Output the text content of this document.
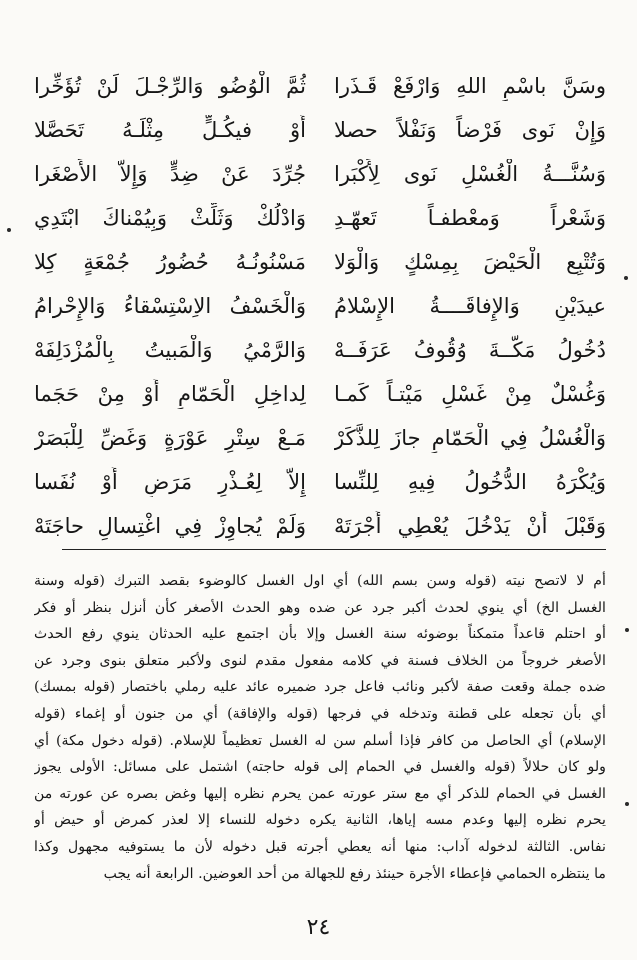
وسَنَّ باسْمِ اللهِ وَارْفَعْ قَـذَرا
ثُمَّ الْوُضُو وَالرِّجْـلَ لَنْ تُؤَخِّرا
وَإِنْ نَوى فَرْضاً وَنَفْلاً حصلا
أَوْ فيكُـلٍّ مِثْلَـهُ تَحَصَّلا
وَسُنَّـــةُ الْغُسْلِ نَوى لِأَكْبَرا
جُرِّدَ عَنْ ضِدٍّ وَإِلاّ الأَصْغَرا
وَشَعْراً وَمعْطفـاً تَعهّـدِ
وَادْلُكْ وَثَلِّثْ وَبِيُمْناكَ ابْتَدِي
وَتُتْبِع الْحَيْضَ بِمِسْكٍ وَالْوَلا
مَسْنُونُـهُ حُضُورُ جُمْعَةٍ كِلا
عيدَيْنِ وَالإِفاقَــــةُ الإِسْلامُ
وَالْخَسْفُ الاِسْتِسْقاءُ وَالإِحْرامُ
دُخُولُ مَكَّــةَ وُقُوفُ عَرَفَــهْ
وَالرَّمْيُ وَالْمَبيتُ بِالْمُزْدَلِفَهْ
وَغُسْلٌ مِنْ غَسْلِ مَيْتـاً كَمـا
لِداخِلِ الْحَمّامِ أَوْ مِنْ حَجَما
وَالْغُسْلُ فِي الْحَمّامِ جازَ لِلذَّكَرْ
مَـعْ سِتْرِ عَوْرَةٍ وَغَضِّ لِلْبَصَرْ
وَيُكْرَهُ الدُّخُولُ فِيهِ لِلنِّسا
إِلاّ لِعُـذْرِ مَرَضٍ أَوْ نُفَسا
وَقَبْلَ أَنْ يَدْخُلَ يُعْطِي أُجْرَتَهْ
وَلَمْ يُجاوِزْ فِي اغْتِسالِ حاجَتَهْ
أم لا لاتصح نيته (قوله وسن بسم الله) أي اول الغسل كالوضوء بقصد التبرك (قوله وسنة
الغسل الخ) أي ينوي لحدث أكبر جرد عن ضده وهو الحدث الأصغر كأن أنزل بنظر أو فكر
أو احتلم قاعداً متمكناً بوضوئه سنة الغسل وإلا بأن اجتمع عليه الحدثان ينوي رفع الحدث
الأصغر خروجاً من الخلاف فسنة في كلامه مفعول مقدم لنوى ولأكبر متعلق بنوى وجرد عن
ضده جملة وقعت صفة لأكبر ونائب فاعل جرد ضميره عائد عليه رملي باختصار (قوله بمسك)
أي بأن تجعله على قطنة وتدخله في فرجها (قوله والإفاقة) أي من جنون أو إغماء (قوله
الإسلام) أي الحاصل من كافر فإذا أسلم سن له الغسل تعظيماً للإسلام. (قوله دخول مكة) أي
ولو كان حلالاً (قوله والغسل في الحمام إلى قوله حاجته) اشتمل على مسائل: الأولى يجوز
الغسل في الحمام للذكر أي مع ستر عورته عمن يحرم نظره إليها وغض بصره عن عورته من
يحرم نظره إليها وعدم مسه إياها، الثانية يكره دخوله للنساء إلا لعذر كمرض أو حيض أو
نفاس. الثالثة لدخوله آداب: منها أنه يعطي أجرته قبل دخوله لأن ما يستوفيه مجهول وكذا
ما ينتظره الحمامي فإعطاء الأجرة حينئذ رفع للجهالة من أحد العوضين. الرابعة أنه يجب
٢٤
